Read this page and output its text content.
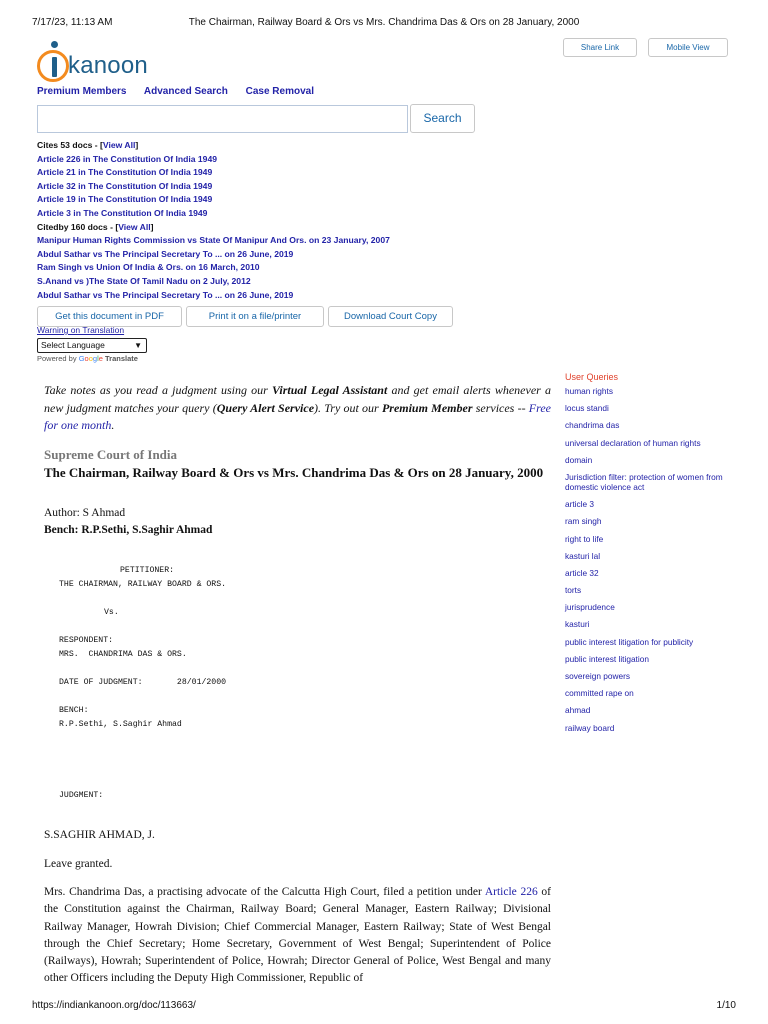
7/17/23, 11:13 AM	The Chairman, Railway Board & Ors vs Mrs. Chandrima Das & Ors on 28 January, 2000
kanoon
Share Link	Mobile View
Premium Members Advanced Search Case Removal
Search
Cites 53 docs - [View All]
Article 226 in The Constitution Of India 1949
Article 21 in The Constitution Of India 1949
Article 32 in The Constitution Of India 1949
Article 19 in The Constitution Of India 1949
Article 3 in The Constitution Of India 1949
Citedby 160 docs - [View All]
Manipur Human Rights Commission vs State Of Manipur And Ors. on 23 January, 2007
Abdul Sathar vs The Principal Secretary To ... on 26 June, 2019
Ram Singh vs Union Of India & Ors. on 16 March, 2010
S.Anand vs )The State Of Tamil Nadu on 2 July, 2012
Abdul Sathar vs The Principal Secretary To ... on 26 June, 2019
Get this document in PDF	Print it on a file/printer	Download Court Copy
Warning on Translation
Select Language	▼
Powered by Google Translate

Take notes as you read a judgment using our Virtual Legal Assistant and get email alerts whenever a new judgment matches your query (Query Alert Service). Try out our Premium Member services -- Free for one month.

Supreme Court of India
The Chairman, Railway Board & Ors vs Mrs. Chandrima Das & Ors on 28 January, 2000
Author: S Ahmad
Bench: R.P.Sethi, S.Saghir Ahmad
PETITIONER:
THE CHAIRMAN, RAILWAY BOARD & ORS.
Vs.
RESPONDENT:
MRS.  CHANDRIMA DAS & ORS.
DATE OF JUDGMENT:       28/01/2000
BENCH:
R.P.Sethi, S.Saghir Ahmad
JUDGMENT:
S.SAGHIR AHMAD, J.
Leave granted.

Mrs. Chandrima Das, a practising advocate of the Calcutta High Court, filed a petition under Article 226 of the Constitution against the Chairman, Railway Board; General Manager, Eastern Railway; Divisional Railway Manager, Howrah Division; Chief Commercial Manager, Eastern Railway; State of West Bengal through the Chief Secretary; Home Secretary, Government of West Bengal; Superintendent of Police (Railways), Howrah; Superintendent of Police, Howrah; Director General of Police, West Bengal and many other Officers including the Deputy High Commissioner, Republic of

User Queries
human rights
locus standi
chandrima das
universal declaration of human rights
domain
Jurisdiction filter: protection of women from domestic violence act
article 3
ram singh
right to life
kasturi lal
article 32
torts
jurisprudence
kasturi
public interest litigation for publicity
public interest litigation
sovereign powers
committed rape on
ahmad
railway board
https://indiankanoon.org/doc/113663/	1/10
